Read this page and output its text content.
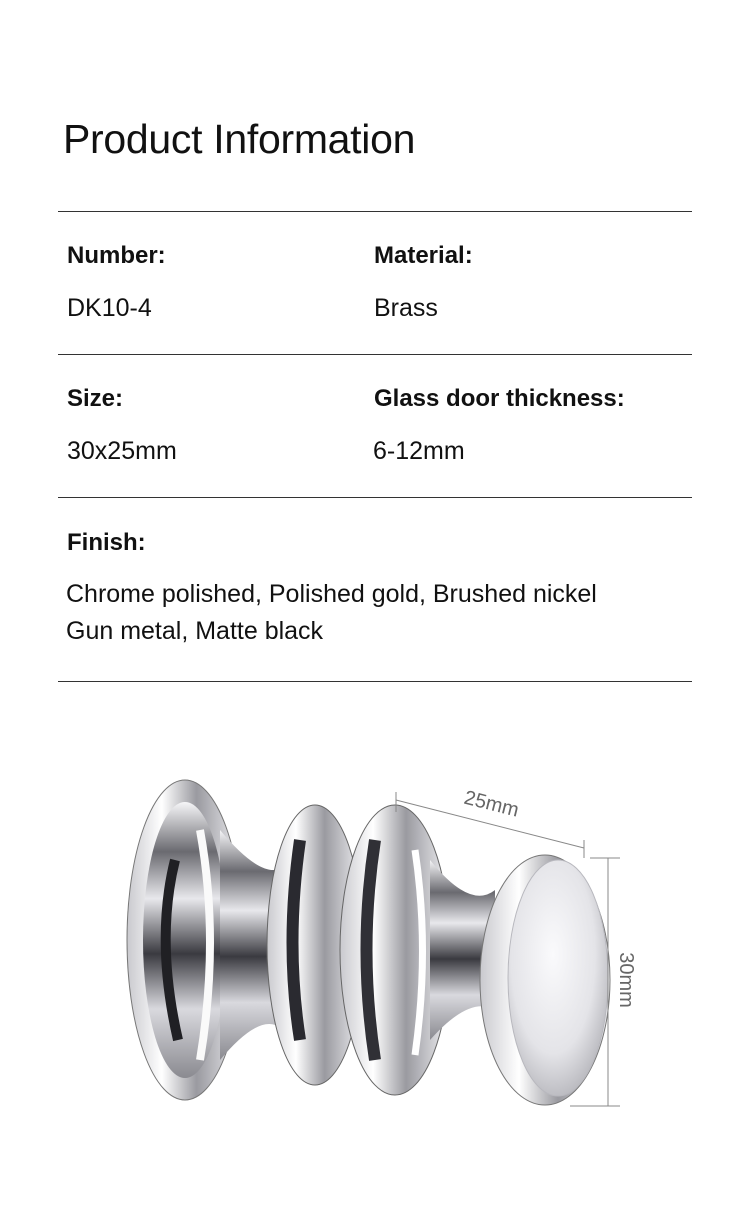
Product Information
Number:
DK10-4
Material:
Brass
Size:
30x25mm
Glass door thickness:
6-12mm
Finish:
Chrome polished, Polished gold, Brushed nickel
Gun metal, Matte black
25mm
30mm
